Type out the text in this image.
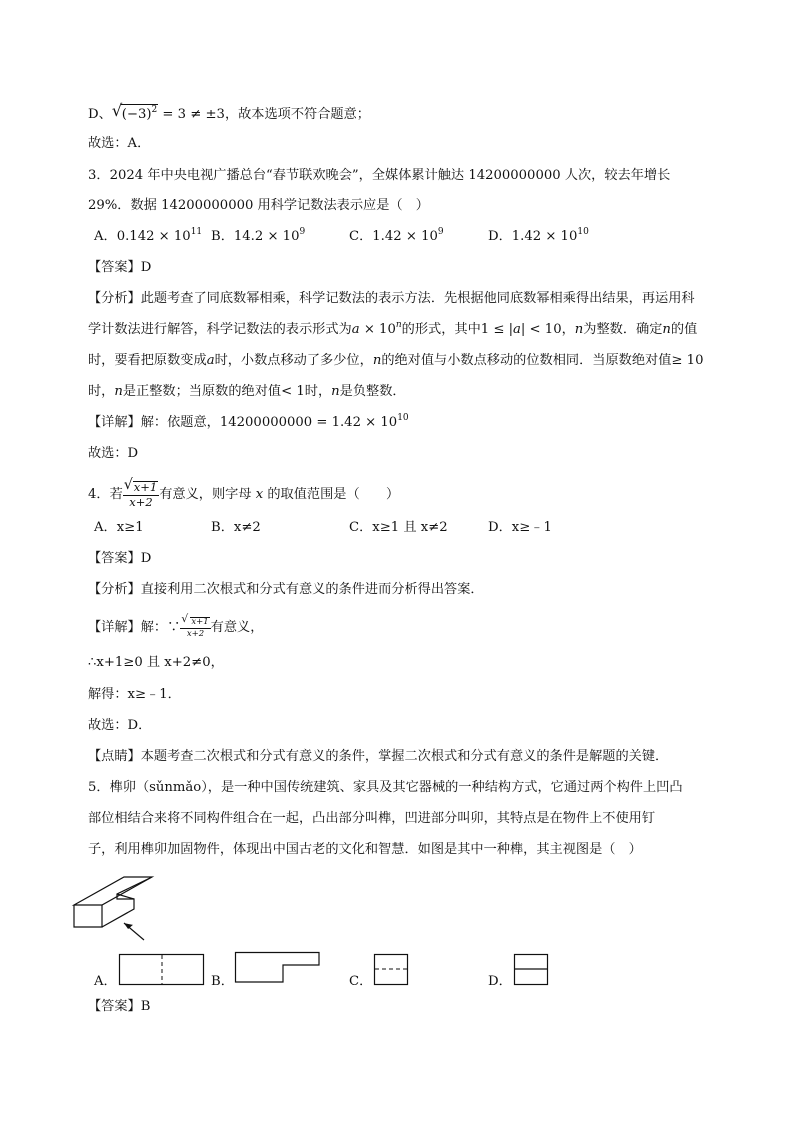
D、 √ $(-3)^2 = 3 \ne \pm 3$，故本选项不符合题意；
故选：A．
3．2024 年中央电视广播总台“春节联欢晚会”，全媒体累计触达 14200000000 人次，较去年增长
29%．数据 14200000000 用科学记数法表示应是（　）
A．$0.142 \times 10^{11}$ B．$14.2 \times 10^9$	C．$1.42 \times 10^9$	D．$1.42 \times 10^{10}$
【答案】D
【分析】此题考查了同底数幂相乘，科学记数法的表示方法．先根据他同底数幂相乘得出结果，再运用科
学计数法进行解答，科学记数法的表示形式为$a \times 10^n$的形式，其中1 ≤ |a| < 10，n为整数．确定n的值
时，要看把原数变成a时，小数点移动了多少位，n的绝对值与小数点移动的位数相同．当原数绝对值≥ 10
时，n是正整数；当原数的绝对值< 1时，n是负整数．
【详解】解：依题意，$14200000000 = 1.42 \times 10^{10}$
故选：D
4．若 $\frac{√ x+1}{x+2}$ 有意义，则字母 x 的取值范围是（　　）
A．x≥1	B．x≠2	C．x≥1 且 x≠2	D．x≥﹣1
【答案】D
【分析】直接利用二次根式和分式有意义的条件进而分析得出答案．
【详解】解：∵ $\frac{√ x+1}{x+2}$ 有意义，
∴x+1≥0 且 x+2≠0，
解得：x≥﹣1．
故选：D．
【点睛】本题考查二次根式和分式有意义的条件，掌握二次根式和分式有意义的条件是解题的关键．
5．榫卯（sǔnmǎo），是一种中国传统建筑、家具及其它器械的一种结构方式，它通过两个构件上凹凸
部位相结合来将不同构件组合在一起，凸出部分叫榫，凹进部分叫卯，其特点是在物件上不使用钉
子，利用榫卯加固物件，体现出中国古老的文化和智慧．如图是其中一种榫，其主视图是（　）
A．	B．	C．	D．
【答案】B
